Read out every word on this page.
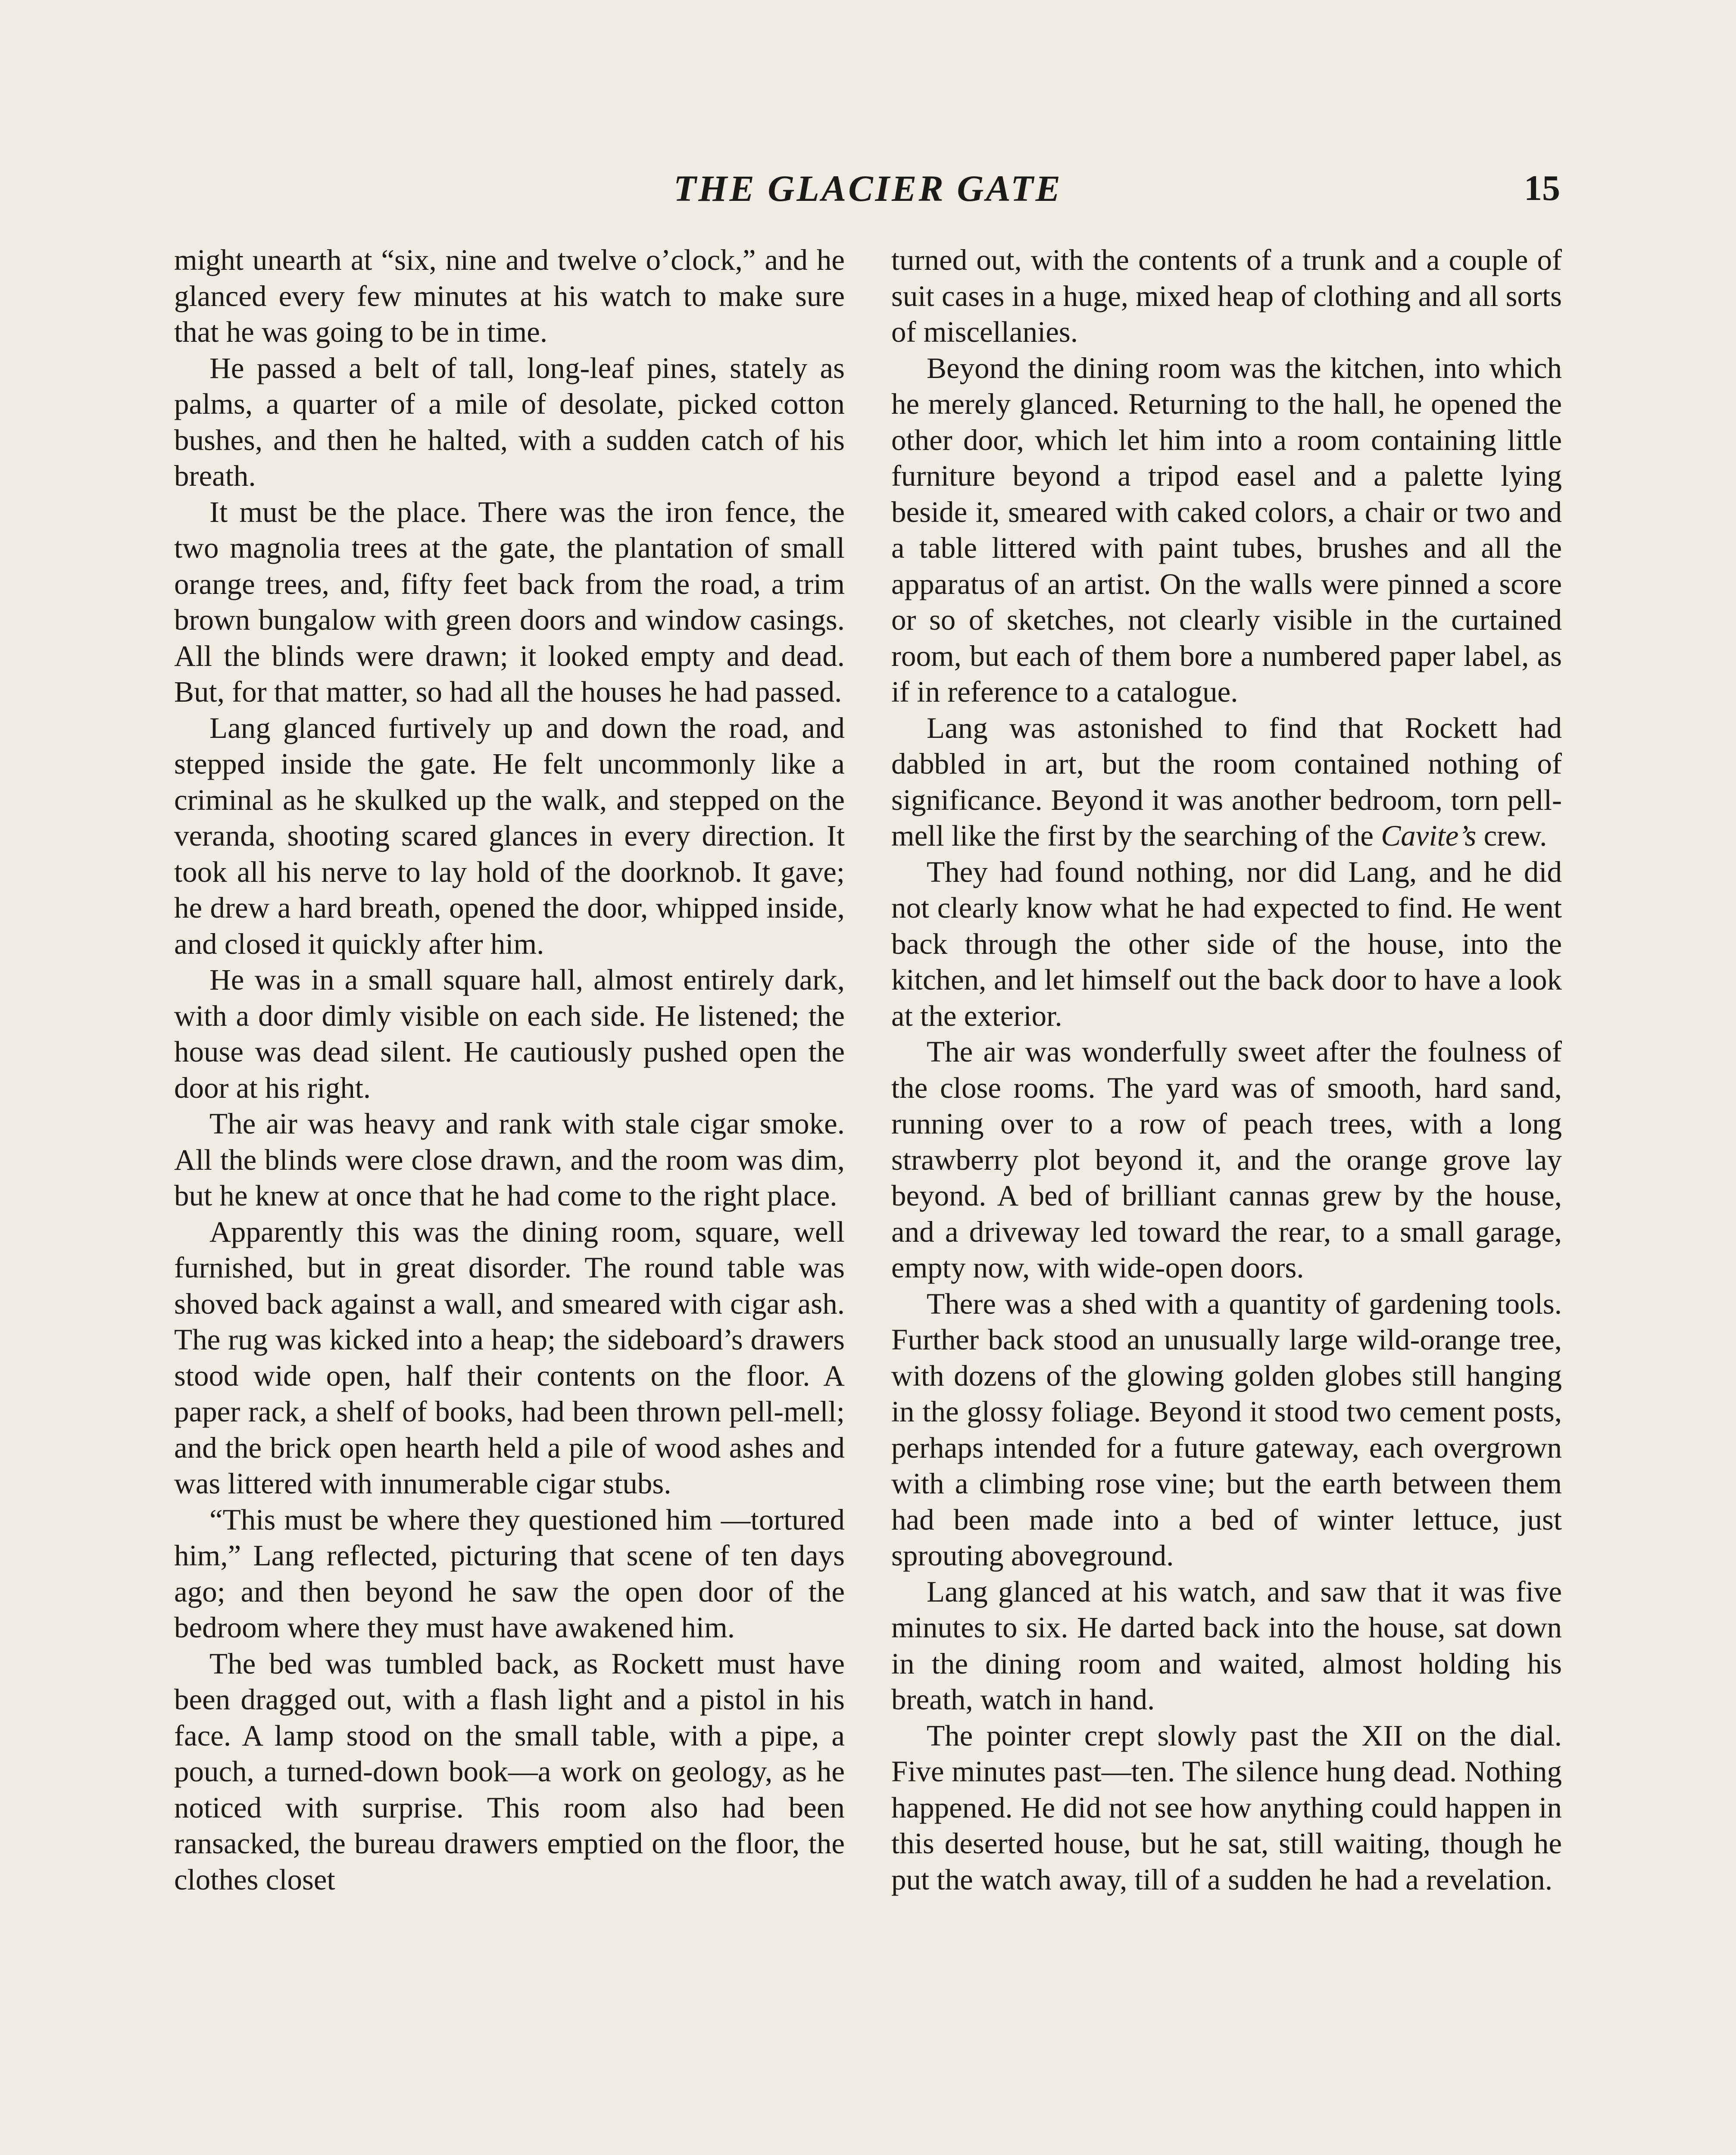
THE GLACIER GATE	15

might unearth at “six, nine and twelve o’clock,” and he glanced every few minutes at his watch to make sure that he was going to be in time.

He passed a belt of tall, long-leaf pines, stately as palms, a quarter of a mile of desolate, picked cotton bushes, and then he halted, with a sudden catch of his breath.

It must be the place. There was the iron fence, the two magnolia trees at the gate, the plantation of small orange trees, and, fifty feet back from the road, a trim brown bungalow with green doors and window casings. All the blinds were drawn; it looked empty and dead. But, for that matter, so had all the houses he had passed.

Lang glanced furtively up and down the road, and stepped inside the gate. He felt uncommonly like a criminal as he skulked up the walk, and stepped on the veranda, shooting scared glances in every direction. It took all his nerve to lay hold of the doorknob. It gave; he drew a hard breath, opened the door, whipped inside, and closed it quickly after him.

He was in a small square hall, almost entirely dark, with a door dimly visible on each side. He listened; the house was dead silent. He cautiously pushed open the door at his right.

The air was heavy and rank with stale cigar smoke. All the blinds were close drawn, and the room was dim, but he knew at once that he had come to the right place.

Apparently this was the dining room, square, well furnished, but in great disorder. The round table was shoved back against a wall, and smeared with cigar ash. The rug was kicked into a heap; the sideboard’s drawers stood wide open, half their contents on the floor. A paper rack, a shelf of books, had been thrown pell-mell; and the brick open hearth held a pile of wood ashes and was littered with innumerable cigar stubs.

“This must be where they questioned him —tortured him,” Lang reflected, picturing that scene of ten days ago; and then beyond he saw the open door of the bedroom where they must have awakened him.

The bed was tumbled back, as Rockett must have been dragged out, with a flash light and a pistol in his face. A lamp stood on the small table, with a pipe, a pouch, a turned-down book—a work on geology, as he noticed with surprise. This room also had been ransacked, the bureau drawers emptied on the floor, the clothes closet

turned out, with the contents of a trunk and a couple of suit cases in a huge, mixed heap of clothing and all sorts of miscellanies.

Beyond the dining room was the kitchen, into which he merely glanced. Returning to the hall, he opened the other door, which let him into a room containing little furniture beyond a tripod easel and a palette lying beside it, smeared with caked colors, a chair or two and a table littered with paint tubes, brushes and all the apparatus of an artist. On the walls were pinned a score or so of sketches, not clearly visible in the curtained room, but each of them bore a numbered paper label, as if in reference to a catalogue.

Lang was astonished to find that Rockett had dabbled in art, but the room contained nothing of significance. Beyond it was another bedroom, torn pell-mell like the first by the searching of the Cavite’s crew.

They had found nothing, nor did Lang, and he did not clearly know what he had expected to find. He went back through the other side of the house, into the kitchen, and let himself out the back door to have a look at the exterior.

The air was wonderfully sweet after the foulness of the close rooms. The yard was of smooth, hard sand, running over to a row of peach trees, with a long strawberry plot beyond it, and the orange grove lay beyond. A bed of brilliant cannas grew by the house, and a driveway led toward the rear, to a small garage, empty now, with wide-open doors.

There was a shed with a quantity of gardening tools. Further back stood an unusually large wild-orange tree, with dozens of the glowing golden globes still hanging in the glossy foliage. Beyond it stood two cement posts, perhaps intended for a future gateway, each overgrown with a climbing rose vine; but the earth between them had been made into a bed of winter lettuce, just sprouting aboveground.

Lang glanced at his watch, and saw that it was five minutes to six. He darted back into the house, sat down in the dining room and waited, almost holding his breath, watch in hand.

The pointer crept slowly past the XII on the dial. Five minutes past—ten. The silence hung dead. Nothing happened. He did not see how anything could happen in this deserted house, but he sat, still waiting, though he put the watch away, till of a sudden he had a revelation.
